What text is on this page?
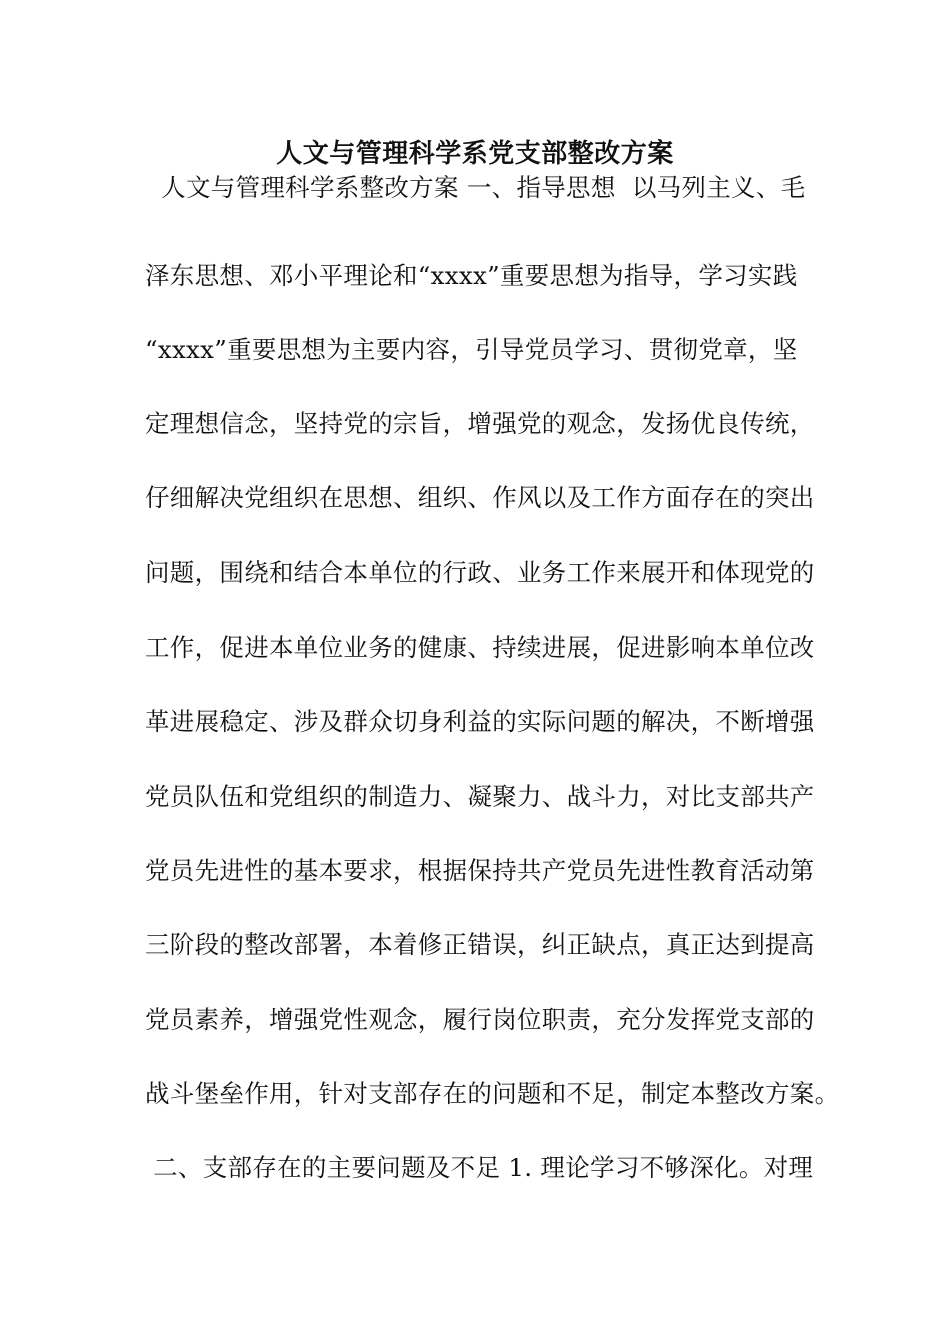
人文与管理科学系党支部整改方案
人文与管理科学系整改方案 一、指导思想  以马列主义、毛
泽东思想、邓小平理论和“xxxx”重要思想为指导，学习实践
“xxxx”重要思想为主要内容，引导党员学习、贯彻党章，坚
定理想信念，坚持党的宗旨，增强党的观念，发扬优良传统，
仔细解决党组织在思想、组织、作风以及工作方面存在的突出
问题，围绕和结合本单位的行政、业务工作来展开和体现党的
工作，促进本单位业务的健康、持续进展，促进影响本单位改
革进展稳定、涉及群众切身利益的实际问题的解决，不断增强
党员队伍和党组织的制造力、凝聚力、战斗力，对比支部共产
党员先进性的基本要求，根据保持共产党员先进性教育活动第
三阶段的整改部署，本着修正错误，纠正缺点，真正达到提高
党员素养，增强党性观念，履行岗位职责，充分发挥党支部的
战斗堡垒作用，针对支部存在的问题和不足，制定本整改方案。
二、支部存在的主要问题及不足 1. 理论学习不够深化。对理
